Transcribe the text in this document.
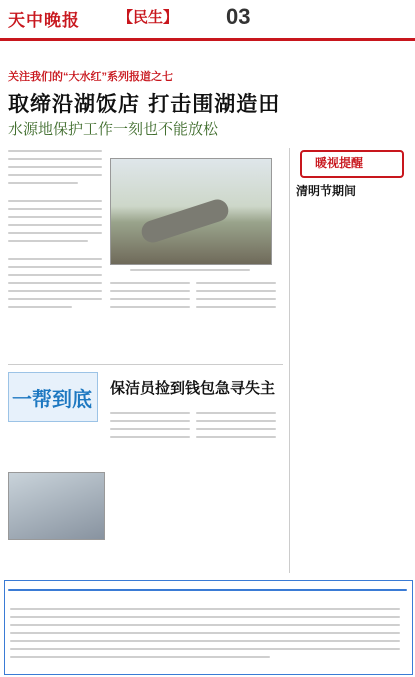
天中晚报	【民生】 03
关注我们的“大水红”系列报道之七
取缔沿湖饭店 打击围湖造田
水源地保护工作一刻也不能放松
一帮到底 保洁员捡到钱包急寻失主
暖视提醒
清明节期间
